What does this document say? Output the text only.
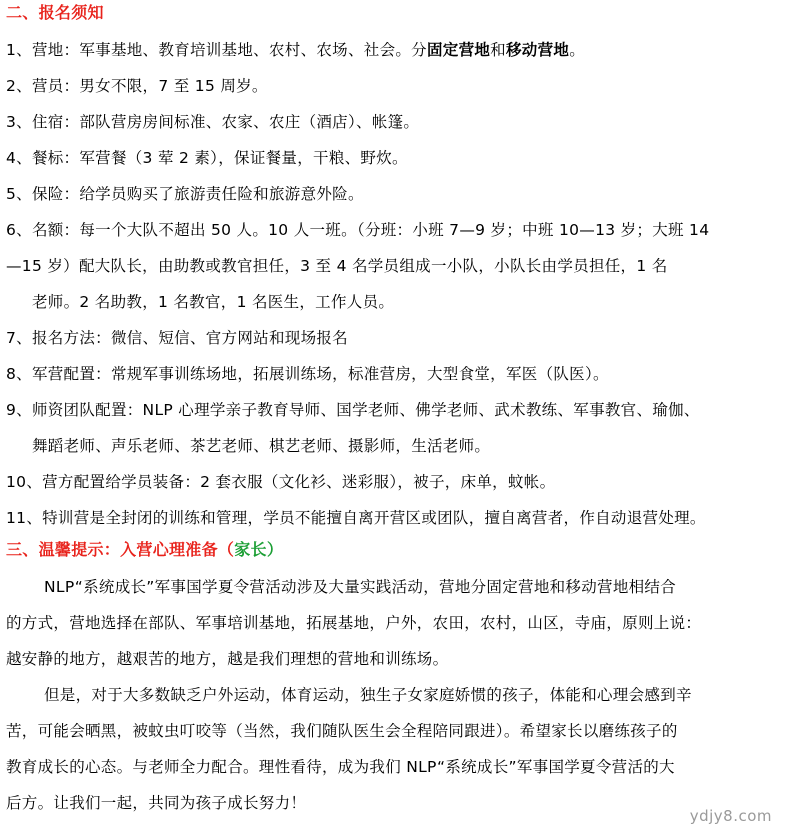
二、报名须知
1、营地：军事基地、教育培训基地、农村、农场、社会。分固定营地和移动营地。
2、营员：男女不限，7 至 15 周岁。
3、住宿：部队营房房间标准、农家、农庄（酒店）、帐篷。
4、餐标：军营餐（3 荤 2 素），保证餐量，干粮、野炊。
5、保险：给学员购买了旅游责任险和旅游意外险。
6、名额：每一个大队不超出 50 人。10 人一班。（分班：小班 7—9 岁；中班 10—13 岁；大班 14
—15 岁）配大队长，由助教或教官担任，3 至 4 名学员组成一小队，小队长由学员担任，1 名
老师。2 名助教，1 名教官，1 名医生，工作人员。
7、报名方法：微信、短信、官方网站和现场报名
8、军营配置：常规军事训练场地，拓展训练场，标准营房，大型食堂，军医（队医）。
9、师资团队配置：NLP 心理学亲子教育导师、国学老师、佛学老师、武术教练、军事教官、瑜伽、
舞蹈老师、声乐老师、茶艺老师、棋艺老师、摄影师，生活老师。
10、营方配置给学员装备：2 套衣服（文化衫、迷彩服），被子，床单，蚊帐。
11、特训营是全封闭的训练和管理，学员不能擅自离开营区或团队，擅自离营者，作自动退营处理。
三、温馨提示：入营心理准备（家长）
NLP“系统成长”军事国学夏令营活动涉及大量实践活动，营地分固定营地和移动营地相结合
的方式，营地选择在部队、军事培训基地，拓展基地，户外，农田，农村，山区，寺庙，原则上说：
越安静的地方，越艰苦的地方，越是我们理想的营地和训练场。
但是，对于大多数缺乏户外运动，体育运动，独生子女家庭娇惯的孩子，体能和心理会感到辛
苦，可能会晒黑，被蚊虫叮咬等（当然，我们随队医生会全程陪同跟进）。希望家长以磨练孩子的
教育成长的心态。与老师全力配合。理性看待，成为我们 NLP“系统成长”军事国学夏令营活的大
后方。让我们一起，共同为孩子成长努力！
ydjy8.com
